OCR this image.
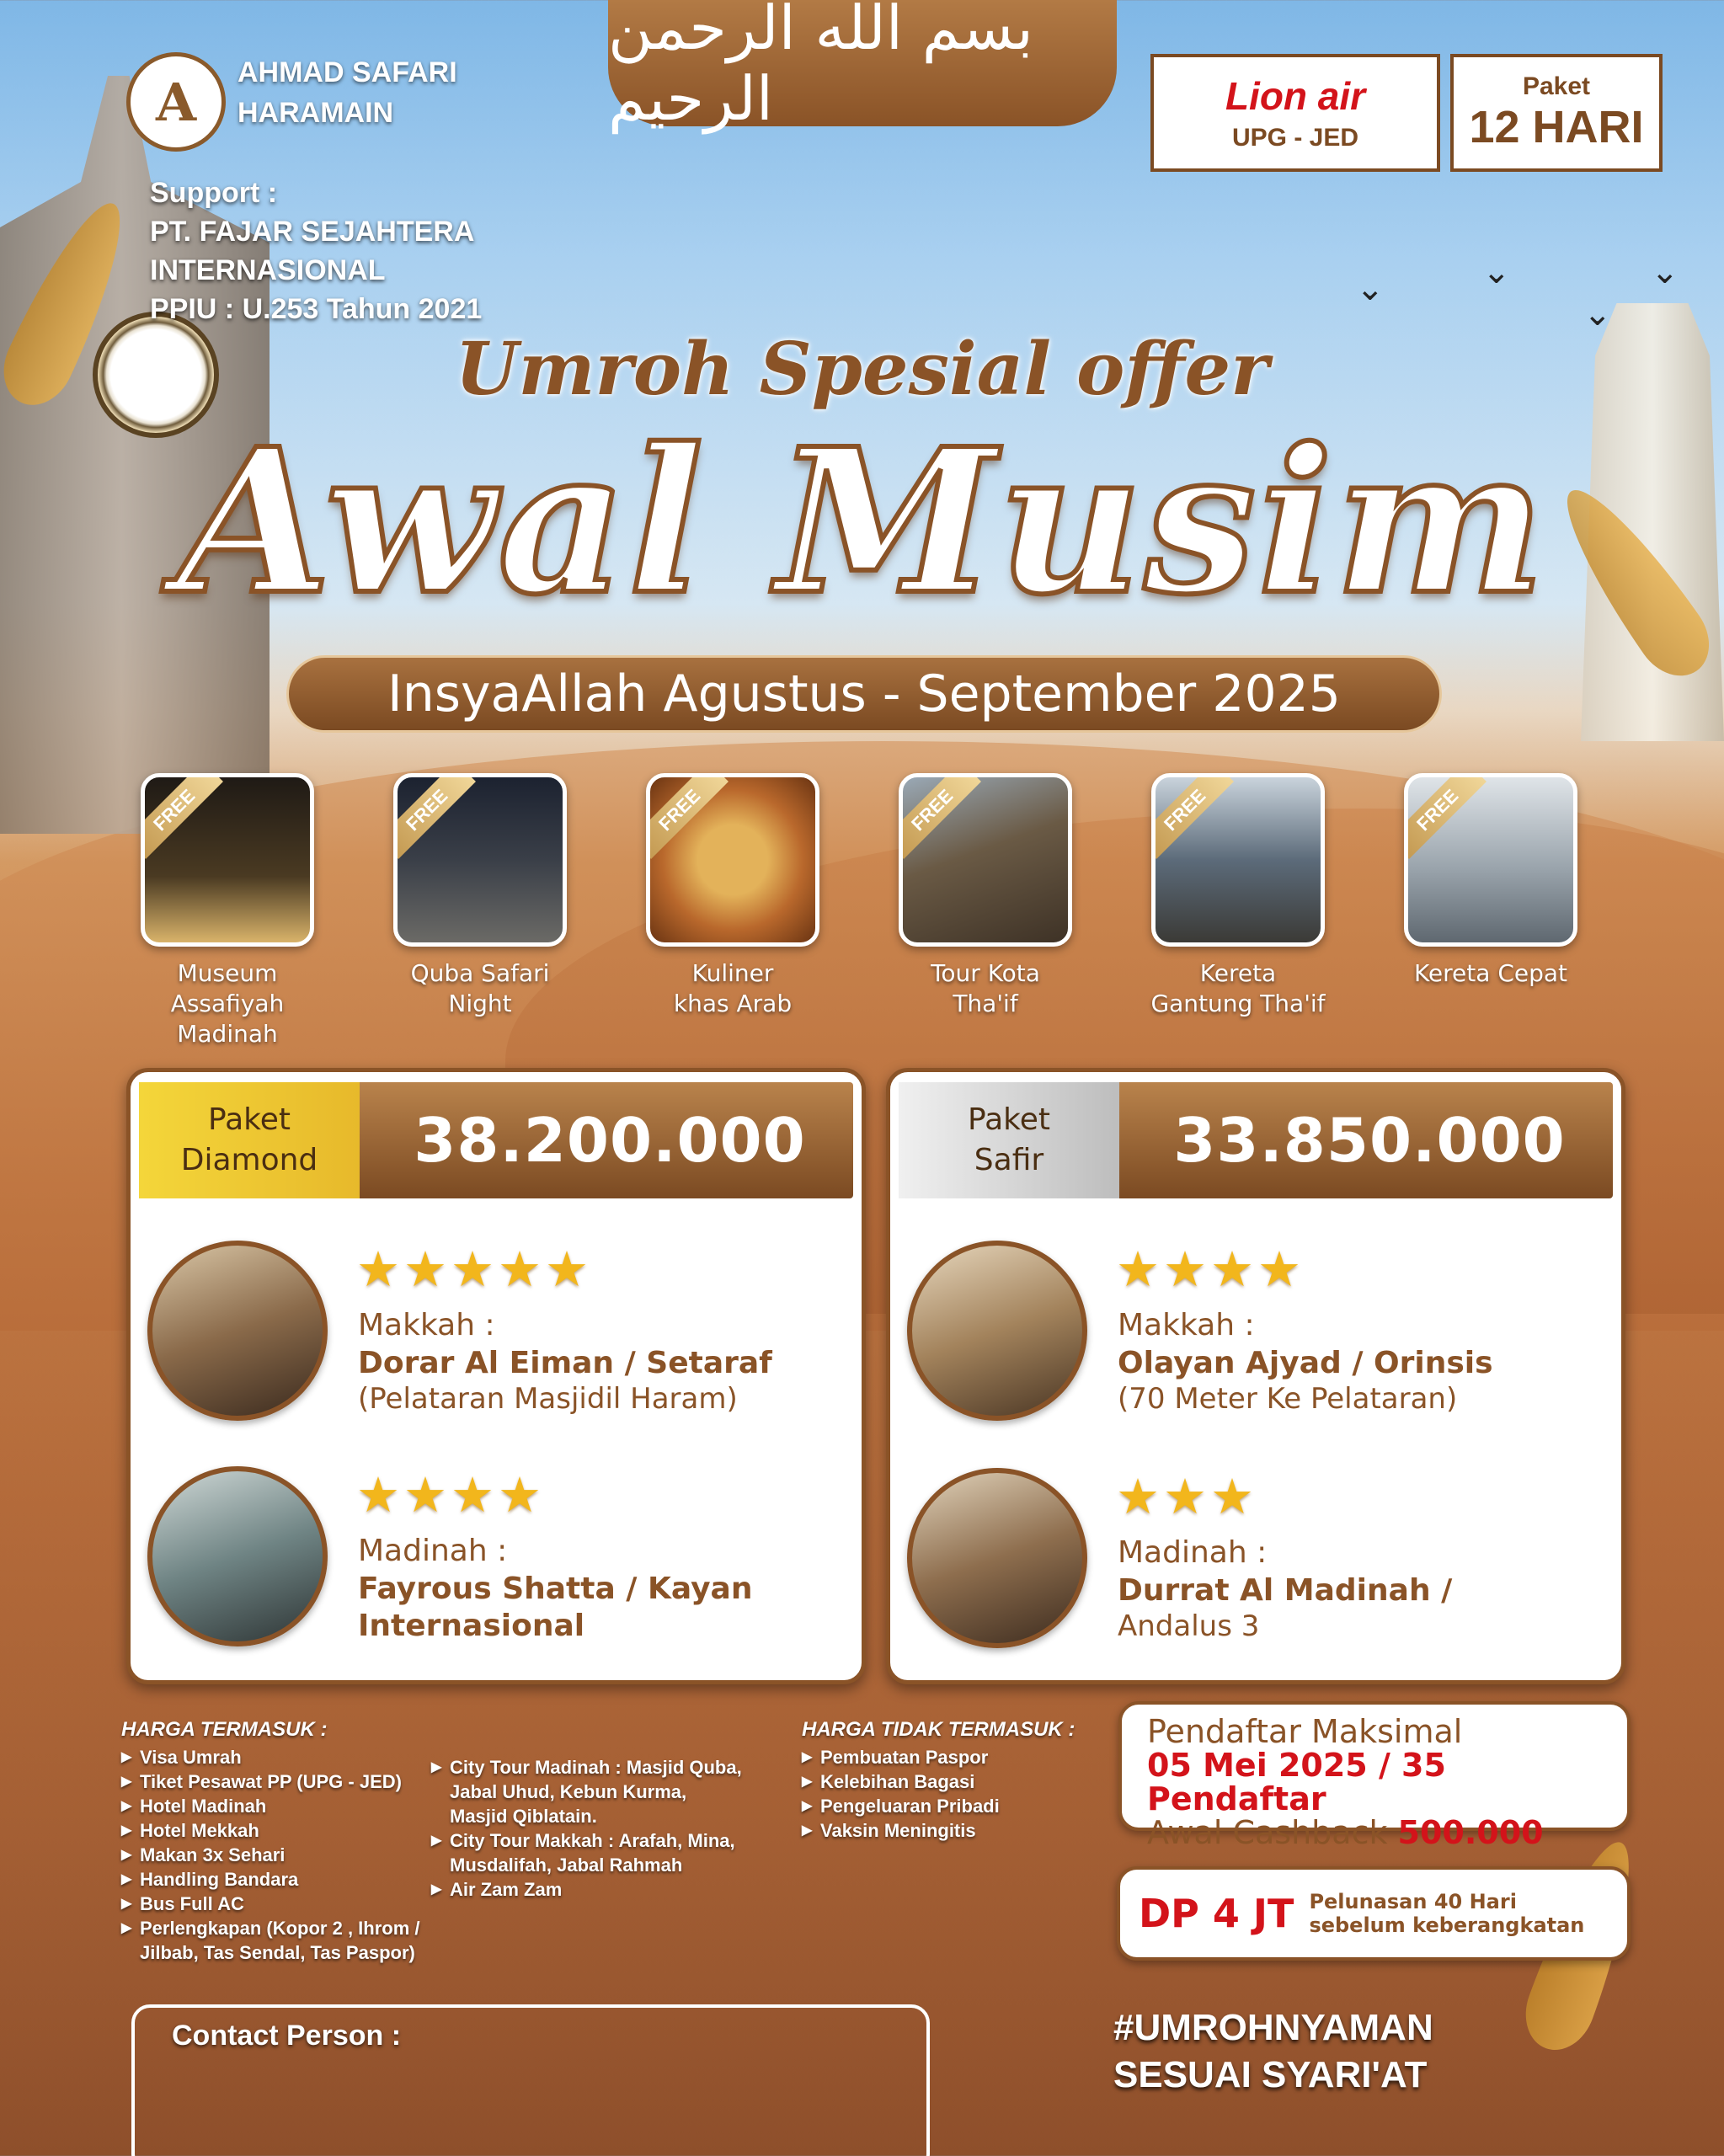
⌄	⌄
⌄
⌄
A AHMAD SAFARI
HARAMAIN
Support :
PT. FAJAR SEJAHTERA
INTERNASIONAL
PPIU : U.253 Tahun 2021
بسم الله الرحمن الرحيم	Lion air
UPG - JED
Paket
12 HARI
Umroh Spesial offer
Awal Musim
InsyaAllah Agustus - September 2025
FREE
Museum
Assafiyah Madinah
FREE
Quba Safari
Night
FREE
Kuliner
khas Arab
FREE
Tour Kota
Tha'if
FREE
Kereta
Gantung Tha'if
FREE
Kereta Cepat
Paket
Diamond	38.200.000
★★★★★
Makkah :
Dorar Al Eiman / Setaraf
(Pelataran Masjidil Haram)
★★★★
Madinah :
Fayrous Shatta / Kayan
Internasional
Paket
Safir	33.850.000
★★★★
Makkah :
Olayan Ajyad / Orinsis
(70 Meter Ke Pelataran)
★★★
Madinah :
Durrat Al Madinah /
Andalus 3
HARGA TERMASUK :
▶ Visa Umrah
▶ Tiket Pesawat PP (UPG - JED)
▶ Hotel Madinah
▶ Hotel Mekkah
▶ Makan 3x Sehari
▶ Handling Bandara
▶ Bus Full AC
▶ Perlengkapan (Kopor 2 , Ihrom /
Jilbab, Tas Sendal, Tas Paspor)
▶ City Tour Madinah : Masjid Quba,
Jabal Uhud, Kebun Kurma,
Masjid Qiblatain.
▶ City Tour Makkah : Arafah, Mina,
Musdalifah, Jabal Rahmah
▶ Air Zam Zam
HARGA TIDAK TERMASUK :
▶ Pembuatan Paspor
▶ Kelebihan Bagasi
▶ Pengeluaran Pribadi
▶ Vaksin Meningitis
Pendaftar Maksimal
05 Mei 2025 / 35 Pendaftar
Awal Cashback 500.000
DP 4 JT Pelunasan 40 Hari
sebelum keberangkatan
Contact Person :	#UMROHNYAMAN
SESUAI SYARI'AT
